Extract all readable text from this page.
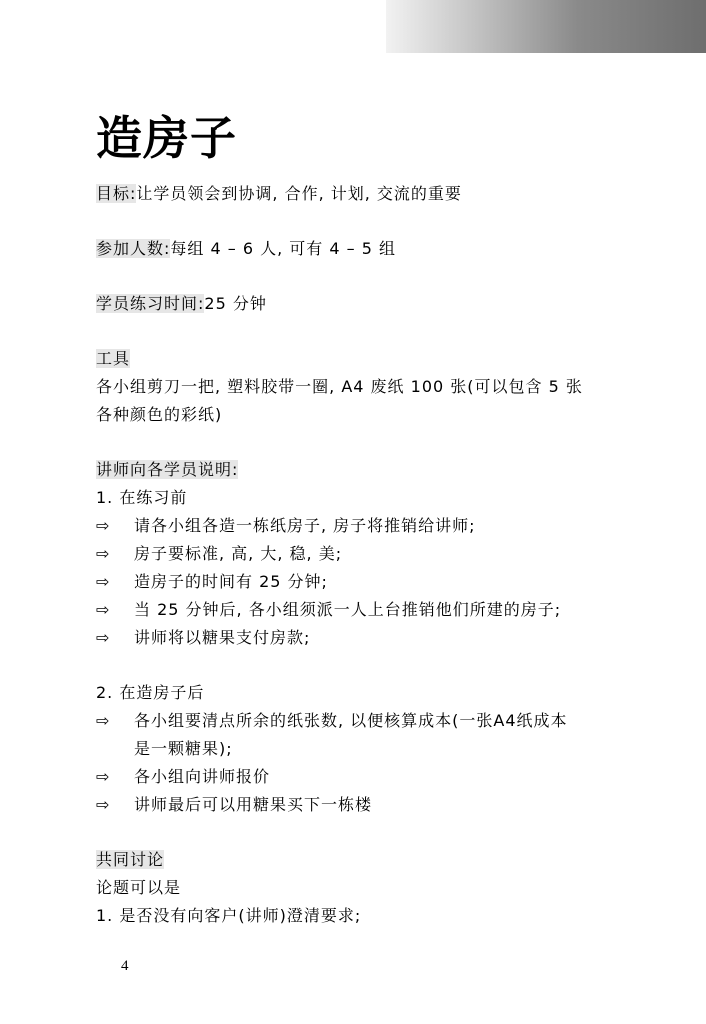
造房子
目标:让学员领会到协调, 合作, 计划, 交流的重要
参加人数:每组 4 – 6 人, 可有 4 – 5 组
学员练习时间:25 分钟
工具
各小组剪刀一把, 塑料胶带一圈, A4 废纸 100 张(可以包含 5 张
各种颜色的彩纸)
讲师向各学员说明:
1. 在练习前
⇨ 请各小组各造一栋纸房子, 房子将推销给讲师;
⇨ 房子要标准, 高, 大, 稳, 美;
⇨ 造房子的时间有 25 分钟;
⇨ 当 25 分钟后, 各小组须派一人上台推销他们所建的房子;
⇨ 讲师将以糖果支付房款;
2. 在造房子后
⇨ 各小组要清点所余的纸张数, 以便核算成本(一张A4纸成本
是一颗糖果);
⇨ 各小组向讲师报价
⇨ 讲师最后可以用糖果买下一栋楼
共同讨论
论题可以是
1. 是否没有向客户(讲师)澄清要求;
4
